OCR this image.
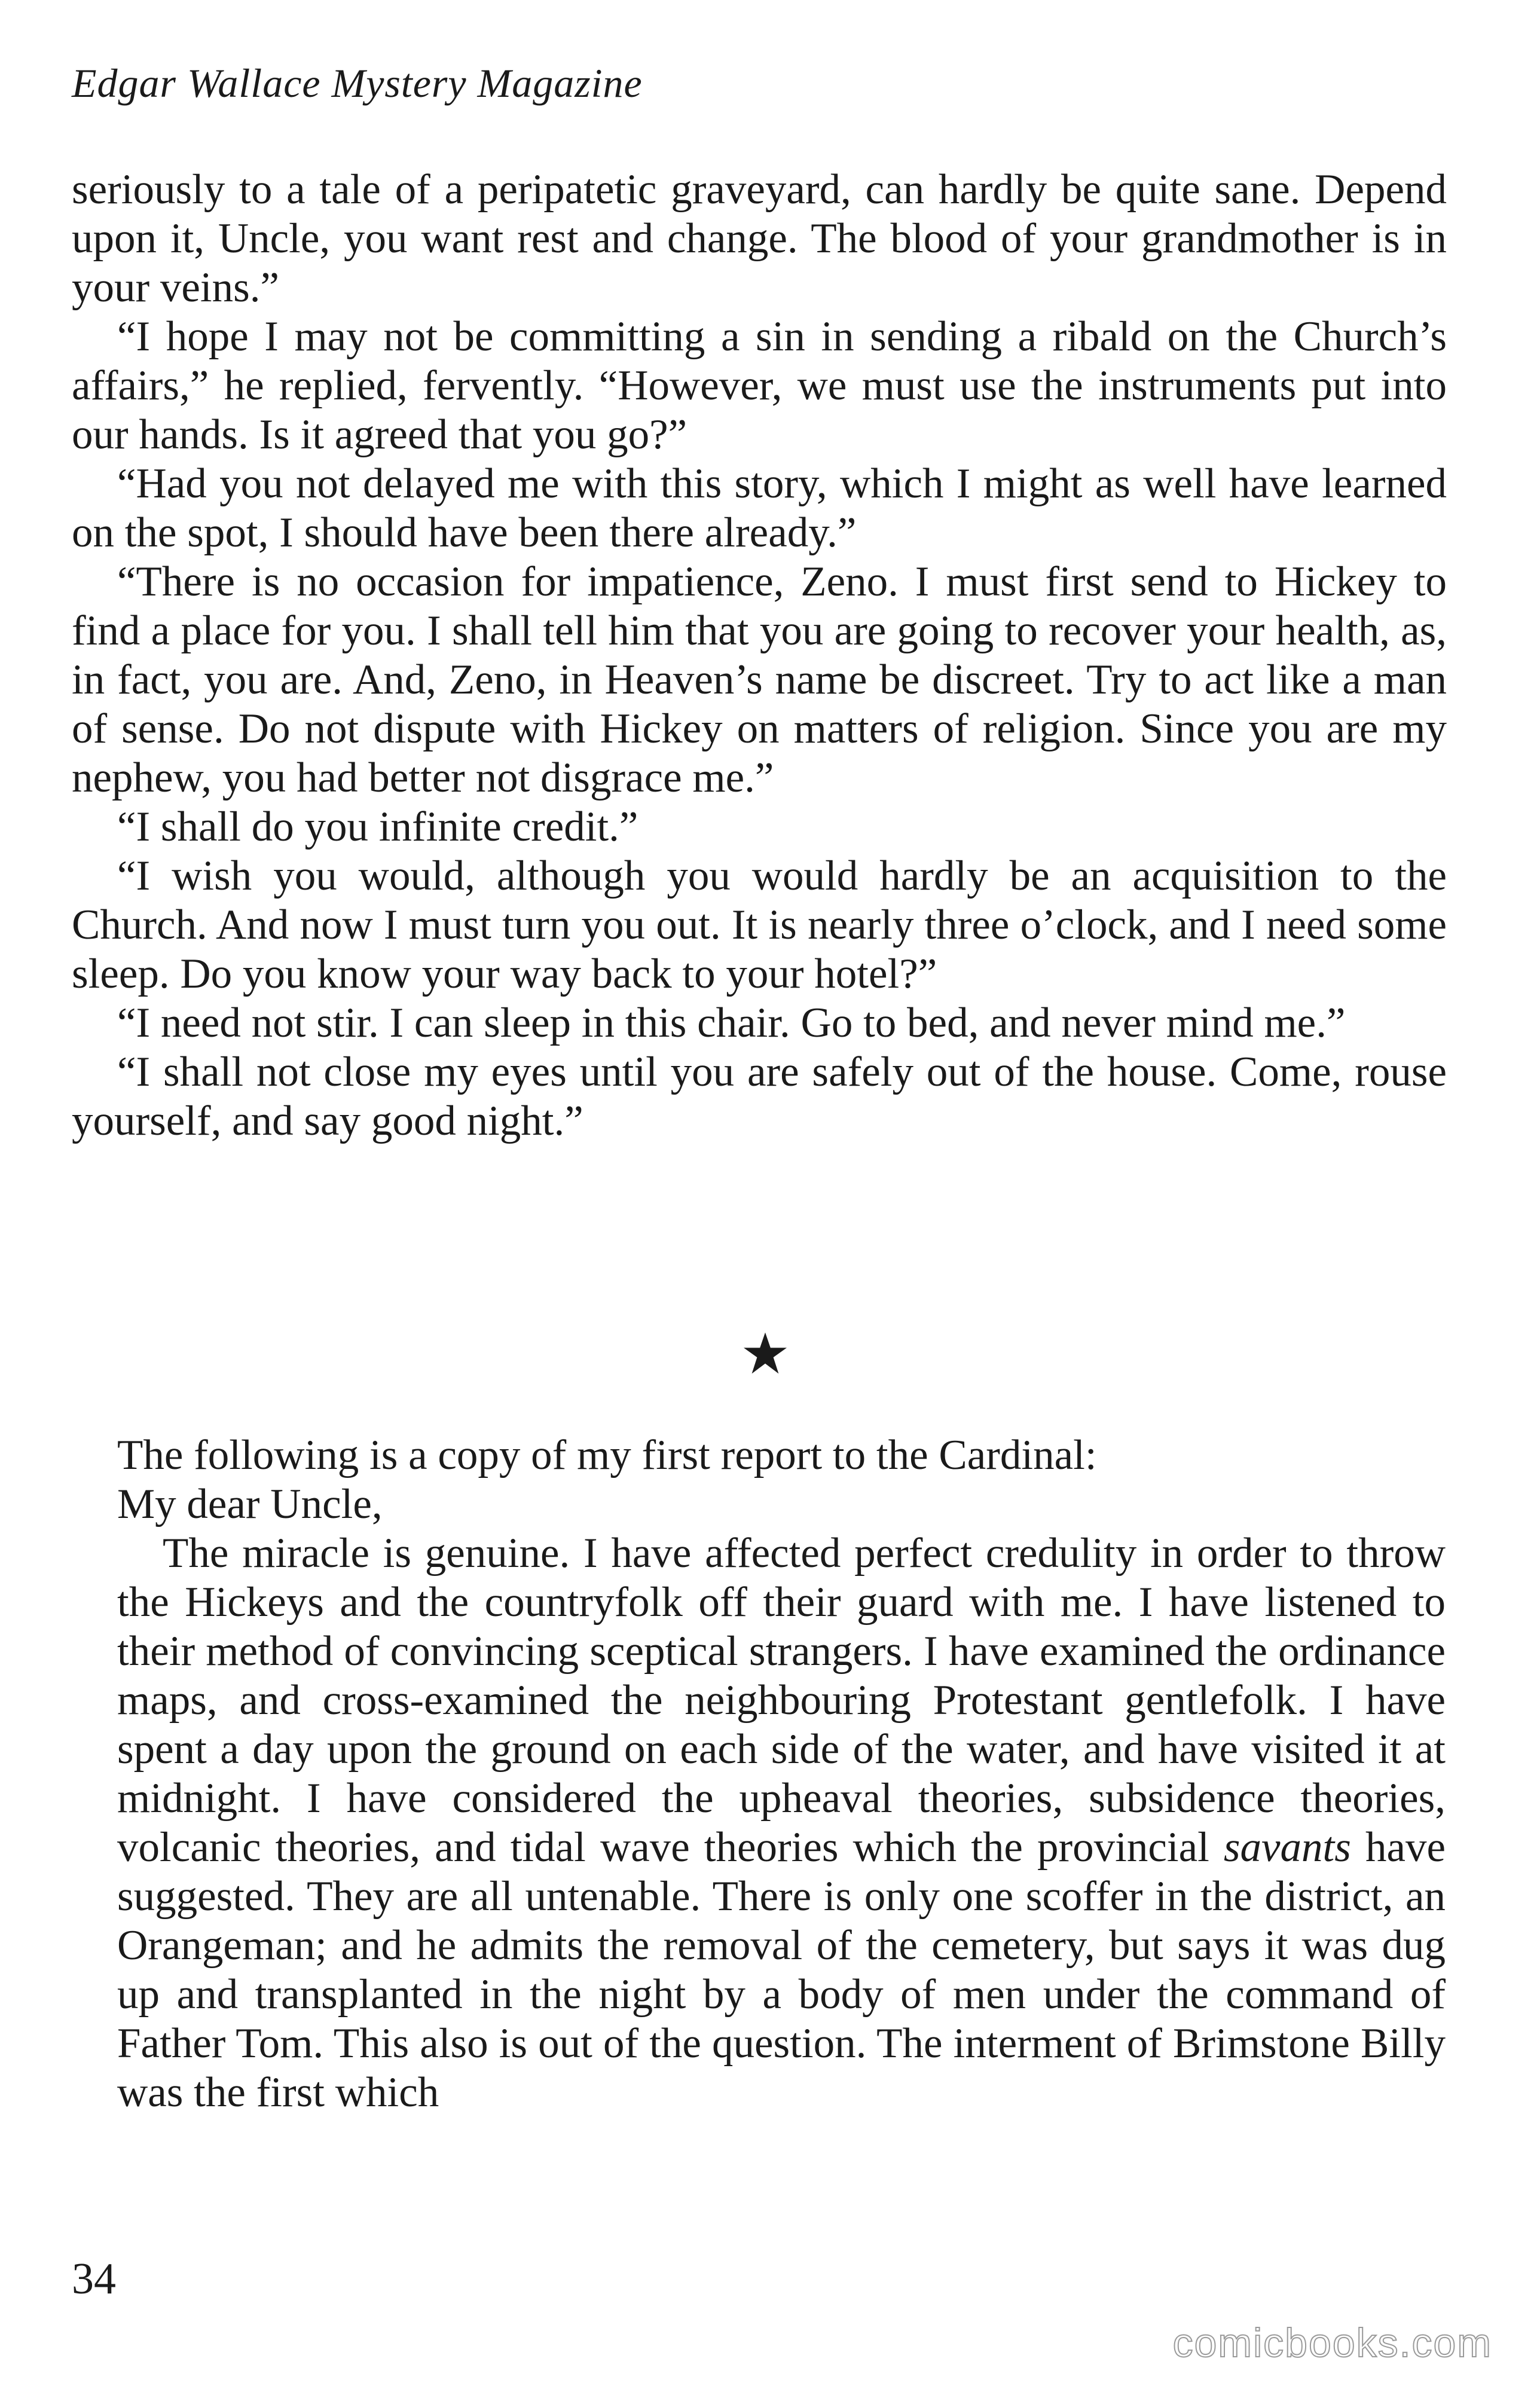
Edgar Wallace Mystery Magazine

seriously to a tale of a peripatetic graveyard, can hardly be quite sane. Depend upon it, Uncle, you want rest and change. The blood of your grandmother is in your veins.”

“I hope I may not be committing a sin in sending a ribald on the Church’s affairs,” he replied, fervently. “However, we must use the instruments put into our hands. Is it agreed that you go?”

“Had you not delayed me with this story, which I might as well have learned on the spot, I should have been there already.”

“There is no occasion for impatience, Zeno. I must first send to Hickey to find a place for you. I shall tell him that you are going to recover your health, as, in fact, you are. And, Zeno, in Heaven’s name be discreet. Try to act like a man of sense. Do not dispute with Hickey on matters of religion. Since you are my nephew, you had better not disgrace me.”

“I shall do you infinite credit.”

“I wish you would, although you would hardly be an acquisition to the Church. And now I must turn you out. It is nearly three o’clock, and I need some sleep. Do you know your way back to your hotel?”

“I need not stir. I can sleep in this chair. Go to bed, and never mind me.”

“I shall not close my eyes until you are safely out of the house. Come, rouse yourself, and say good night.”

The following is a copy of my first report to the Cardinal:

My dear Uncle,

The miracle is genuine. I have affected perfect credulity in order to throw the Hickeys and the countryfolk off their guard with me. I have listened to their method of convincing sceptical strangers. I have examined the ordinance maps, and cross-examined the neighbouring Protestant gentlefolk. I have spent a day upon the ground on each side of the water, and have visited it at midnight. I have considered the upheaval theories, subsidence theories, volcanic theories, and tidal wave theories which the provincial savants have suggested. They are all untenable. There is only one scoffer in the district, an Orangeman; and he admits the removal of the cemetery, but says it was dug up and transplanted in the night by a body of men under the command of Father Tom. This also is out of the question. The interment of Brimstone Billy was the first which

34
comicbooks.com
